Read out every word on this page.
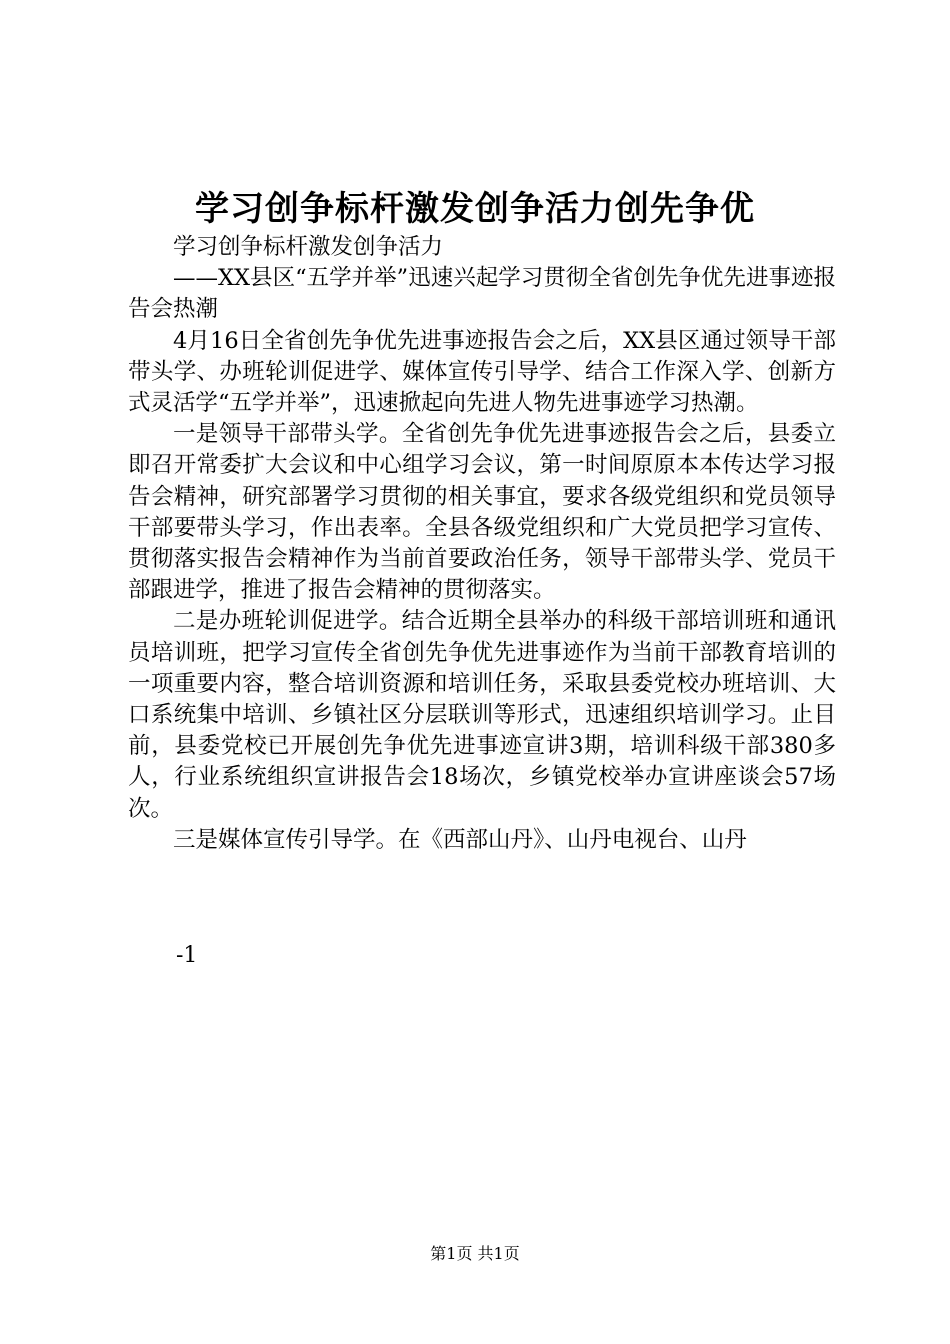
学习创争标杆激发创争活力创先争优

学习创争标杆激发创争活力

——XX县区“五学并举”迅速兴起学习贯彻全省创先争优先进事迹报告会热潮

4月16日全省创先争优先进事迹报告会之后，XX县区通过领导干部带头学、办班轮训促进学、媒体宣传引导学、结合工作深入学、创新方式灵活学“五学并举”，迅速掀起向先进人物先进事迹学习热潮。

一是领导干部带头学。全省创先争优先进事迹报告会之后，县委立即召开常委扩大会议和中心组学习会议，第一时间原原本本传达学习报告会精神，研究部署学习贯彻的相关事宜，要求各级党组织和党员领导干部要带头学习，作出表率。全县各级党组织和广大党员把学习宣传、贯彻落实报告会精神作为当前首要政治任务，领导干部带头学、党员干部跟进学，推进了报告会精神的贯彻落实。

二是办班轮训促进学。结合近期全县举办的科级干部培训班和通讯员培训班，把学习宣传全省创先争优先进事迹作为当前干部教育培训的一项重要内容，整合培训资源和培训任务，采取县委党校办班培训、大口系统集中培训、乡镇社区分层联训等形式，迅速组织培训学习。止目前，县委党校已开展创先争优先进事迹宣讲3期，培训科级干部380多人，行业系统组织宣讲报告会18场次，乡镇党校举办宣讲座谈会57场次。

三是媒体宣传引导学。在《西部山丹》、山丹电视台、山丹

-1
第1页 共1页
